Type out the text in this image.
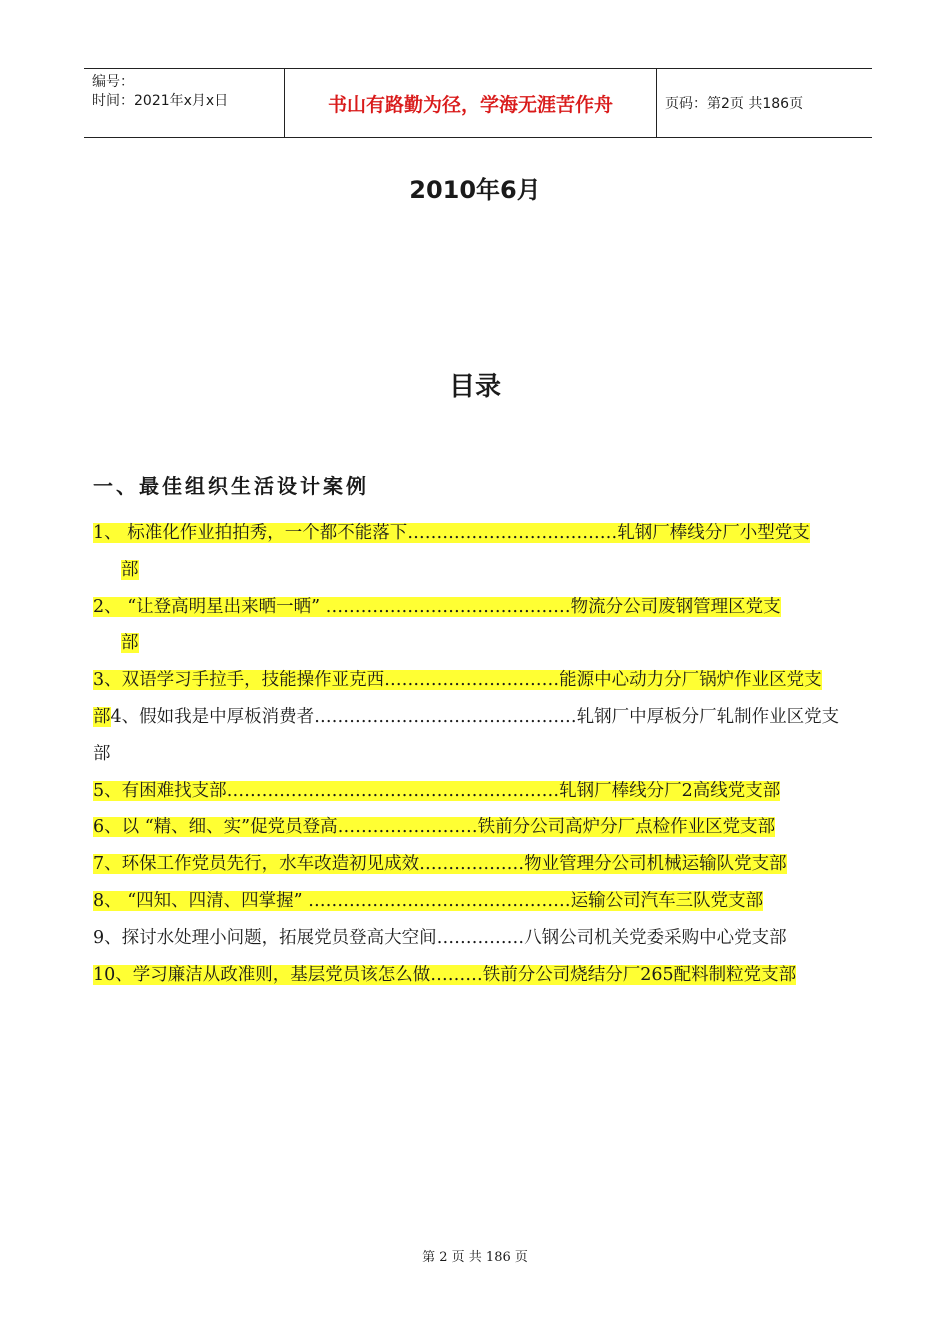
编号：
时间：2021年x月x日	书山有路勤为径，学海无涯苦作舟	页码：第2页 共186页
2010年6月
目录
一、最佳组织生活设计案例
1、 标准化作业拍拍秀，一个都不能落下………………………………轧钢厂棒线分厂小型党支
部
2、 “让登高明星出来晒一晒” ……………………………………物流分公司废钢管理区党支
部
3、双语学习手拉手，技能操作亚克西…………………………能源中心动力分厂锅炉作业区党支
部4、假如我是中厚板消费者………………………………………轧钢厂中厚板分厂轧制作业区党支
部
5、有困难找支部…………………………………………………轧钢厂棒线分厂2高线党支部
6、以 “精、细、实”促党员登高……………………铁前分公司高炉分厂点检作业区党支部
7、环保工作党员先行，水车改造初见成效………………物业管理分公司机械运输队党支部
8、 “四知、四清、四掌握” ………………………………………运输公司汽车三队党支部
9、探讨水处理小问题，拓展党员登高大空间……………八钢公司机关党委采购中心党支部
10、学习廉洁从政准则，基层党员该怎么做………铁前分公司烧结分厂265配料制粒党支部
第 2 页 共 186 页
